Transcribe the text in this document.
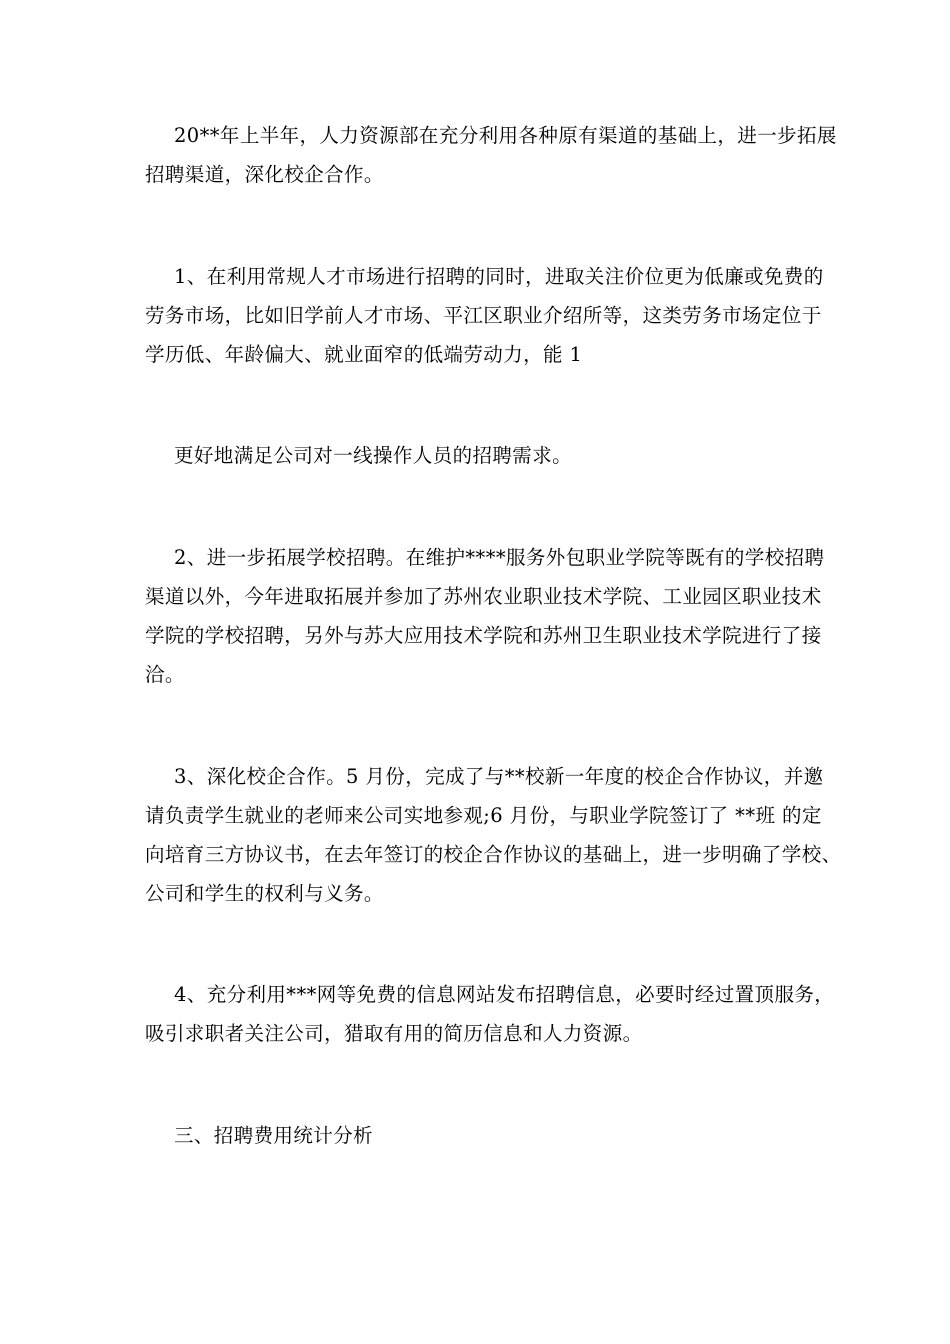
20**年上半年，人力资源部在充分利用各种原有渠道的基础上，进一步拓展
招聘渠道，深化校企合作。
1、在利用常规人才市场进行招聘的同时，进取关注价位更为低廉或免费的
劳务市场，比如旧学前人才市场、平江区职业介绍所等，这类劳务市场定位于
学历低、年龄偏大、就业面窄的低端劳动力，能 1
更好地满足公司对一线操作人员的招聘需求。
2、进一步拓展学校招聘。在维护****服务外包职业学院等既有的学校招聘
渠道以外，今年进取拓展并参加了苏州农业职业技术学院、工业园区职业技术
学院的学校招聘，另外与苏大应用技术学院和苏州卫生职业技术学院进行了接
洽。
3、深化校企合作。5 月份，完成了与**校新一年度的校企合作协议，并邀
请负责学生就业的老师来公司实地参观;6 月份，与职业学院签订了 **班 的定
向培育三方协议书，在去年签订的校企合作协议的基础上，进一步明确了学校、
公司和学生的权利与义务。
4、充分利用***网等免费的信息网站发布招聘信息，必要时经过置顶服务，
吸引求职者关注公司，猎取有用的简历信息和人力资源。
三、招聘费用统计分析
